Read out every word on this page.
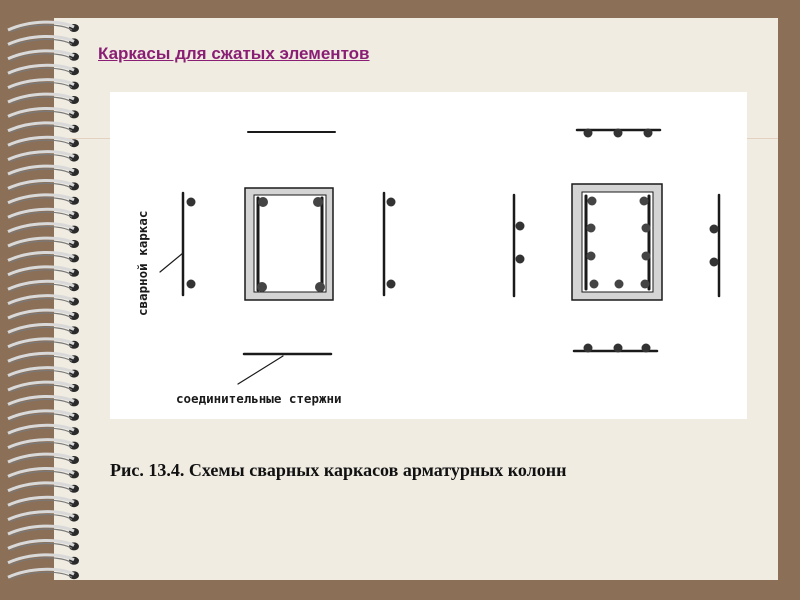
Каркасы для сжатых элементов
сварной каркас
соединительные стержни
Рис. 13.4. Схемы сварных каркасов арматурных колонн
